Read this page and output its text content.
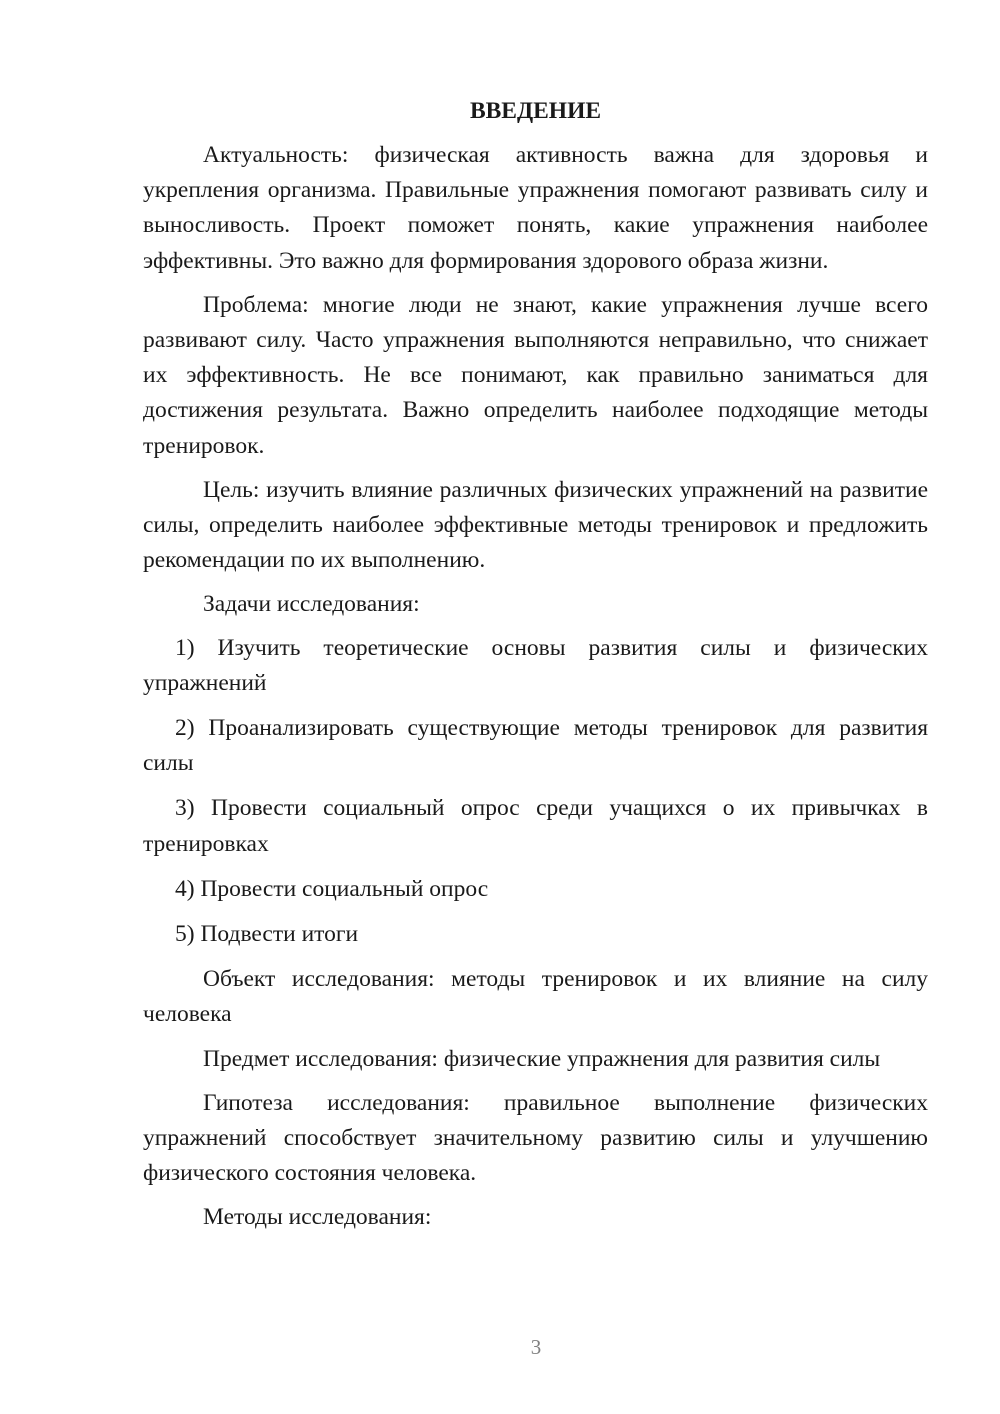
ВВЕДЕНИЕ

Актуальность: физическая активность важна для здоровья и укрепления организма. Правильные упражнения помогают развивать силу и выносливость. Проект поможет понять, какие упражнения наиболее эффективны. Это важно для формирования здорового образа жизни.

Проблема: многие люди не знают, какие упражнения лучше всего развивают силу. Часто упражнения выполняются неправильно, что снижает их эффективность. Не все понимают, как правильно заниматься для достижения результата. Важно определить наиболее подходящие методы тренировок.

Цель: изучить влияние различных физических упражнений на развитие силы, определить наиболее эффективные методы тренировок и предложить рекомендации по их выполнению.

Задачи исследования:

1) Изучить теоретические основы развития силы и физических упражнений

2) Проанализировать существующие методы тренировок для развития силы

3) Провести социальный опрос среди учащихся о их привычках в тренировках

4) Провести социальный опрос

5) Подвести итоги

Объект исследования: методы тренировок и их влияние на силу человека

Предмет исследования: физические упражнения для развития силы

Гипотеза исследования: правильное выполнение физических упражнений способствует значительному развитию силы и улучшению физического состояния человека.

Методы исследования:

3
